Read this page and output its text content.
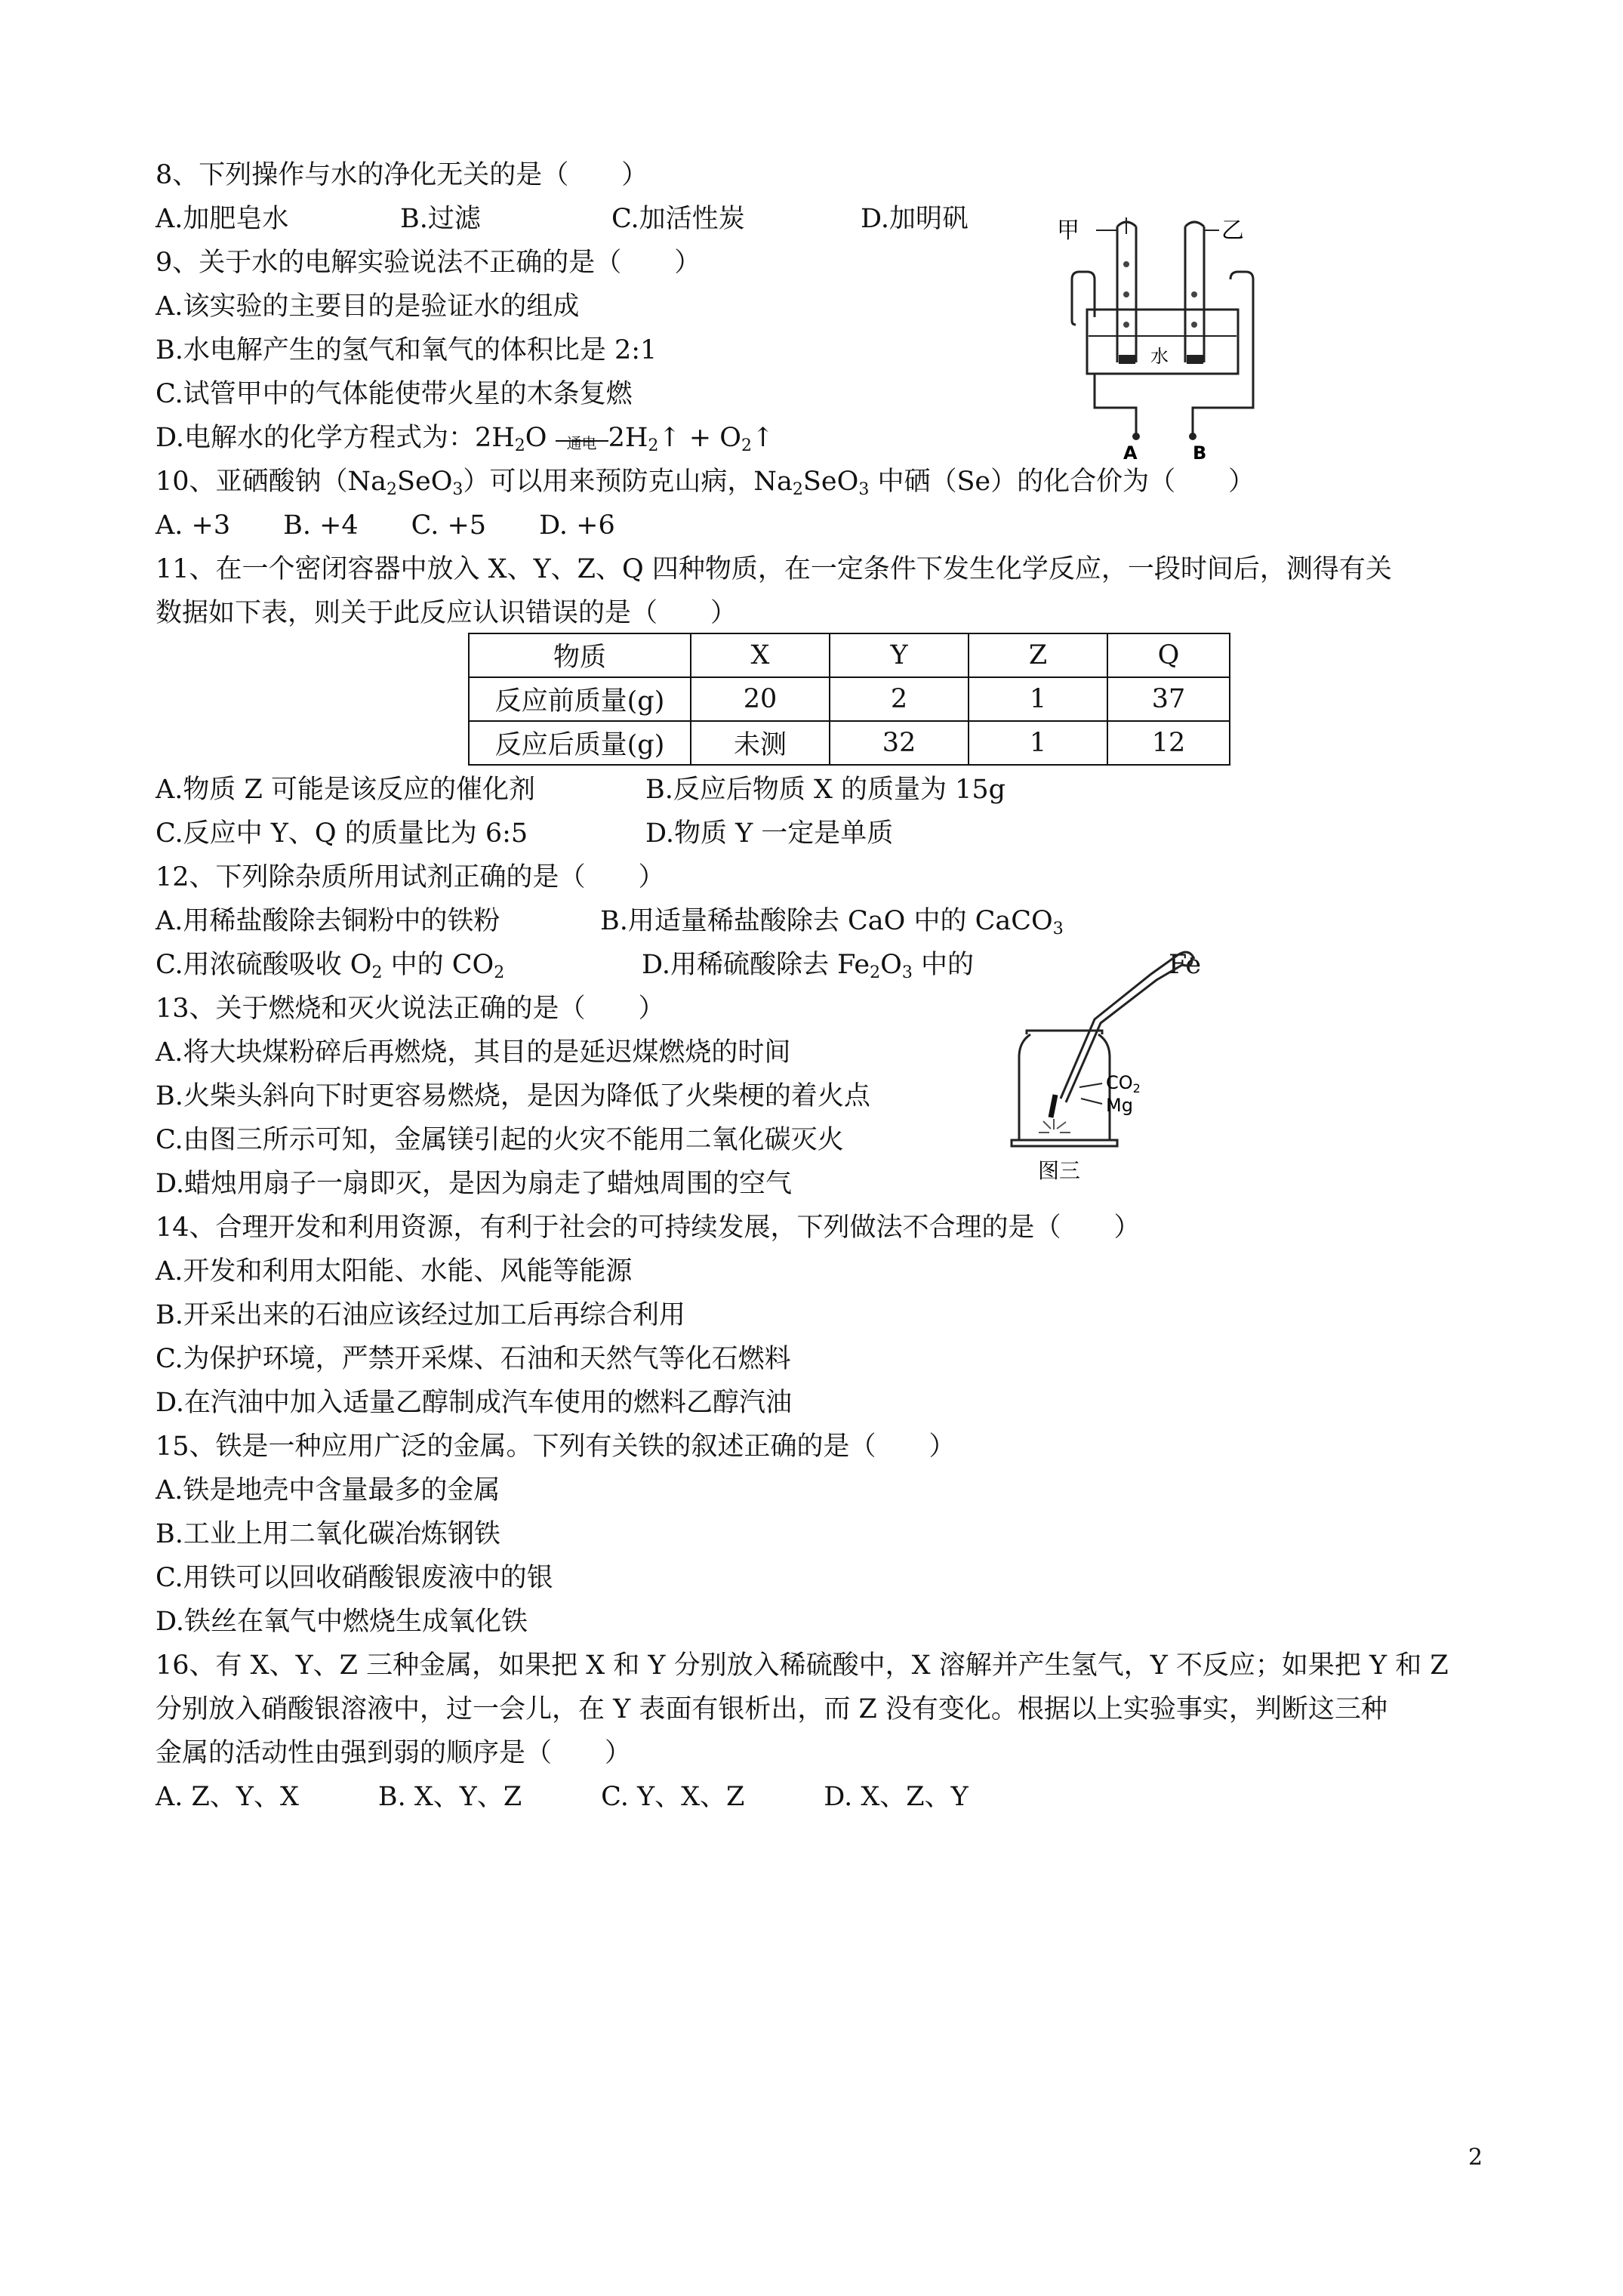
8、下列操作与水的净化无关的是（　　）
A.加肥皂水	B.过滤	C.加活性炭	D.加明矾
9、关于水的电解实验说法不正确的是（　　）
A.该实验的主要目的是验证水的组成
B.水电解产生的氢气和氧气的体积比是 2:1
C.试管甲中的气体能使带火星的木条复燃
D.电解水的化学方程式为：$2H_2O$ 通电 $2H_2↑$ + $O_2↑$
甲	乙
水
A	B
10、亚硒酸钠$(Na_2SeO_3)$可以用来预防克山病，$Na_2SeO_3$ 中硒（Se）的化合价为（　　）
A. +3　　B. +4　　C. +5　　D. +6
11、在一个密闭容器中放入 X、Y、Z、Q 四种物质，在一定条件下发生化学反应，一段时间后，测得有关
数据如下表，则关于此反应认识错误的是（　　）
物质	X	Y	Z	Q
反应前质量(g)	20	2	1	37
反应后质量(g)	未测	32	1	12
A.物质 Z 可能是该反应的催化剂	B.反应后物质 X 的质量为 15g
C.反应中 Y、Q 的质量比为 6:5	D.物质 Y 一定是单质
12、下列除杂质所用试剂正确的是（　　）
A.用稀盐酸除去铜粉中的铁粉	B.用适量稀盐酸除去 CaO 中的 CaCO$_3$
C.用浓硫酸吸收 $O_2$ 中的 $CO_2$	D.用稀硫酸除去 $Fe_2O_3$ 中的	Fe
13、关于燃烧和灭火说法正确的是（　　）
A.将大块煤粉碎后再燃烧，其目的是延迟煤燃烧的时间
B.火柴头斜向下时更容易燃烧，是因为降低了火柴梗的着火点
C.由图三所示可知，金属镁引起的火灾不能用二氧化碳灭火
D.蜡烛用扇子一扇即灭，是因为扇走了蜡烛周围的空气
$CO_2$
Mg
图三
14、合理开发和利用资源，有利于社会的可持续发展，下列做法不合理的是（　　）
A.开发和利用太阳能、水能、风能等能源
B.开采出来的石油应该经过加工后再综合利用
C.为保护环境，严禁开采煤、石油和天然气等化石燃料
D.在汽油中加入适量乙醇制成汽车使用的燃料乙醇汽油
15、铁是一种应用广泛的金属。下列有关铁的叙述正确的是（　　）
A.铁是地壳中含量最多的金属
B.工业上用二氧化碳冶炼钢铁
C.用铁可以回收硝酸银废液中的银
D.铁丝在氧气中燃烧生成氧化铁
16、有 X、Y、Z 三种金属，如果把 X 和 Y 分别放入稀硫酸中，X 溶解并产生氢气，Y 不反应；如果把 Y 和 Z
分别放入硝酸银溶液中，过一会儿，在 Y 表面有银析出，而 Z 没有变化。根据以上实验事实，判断这三种
金属的活动性由强到弱的顺序是（　　）
A. Z、Y、X　　　B. X、Y、Z　　　C. Y、X、Z　　　D. X、Z、Y
2
